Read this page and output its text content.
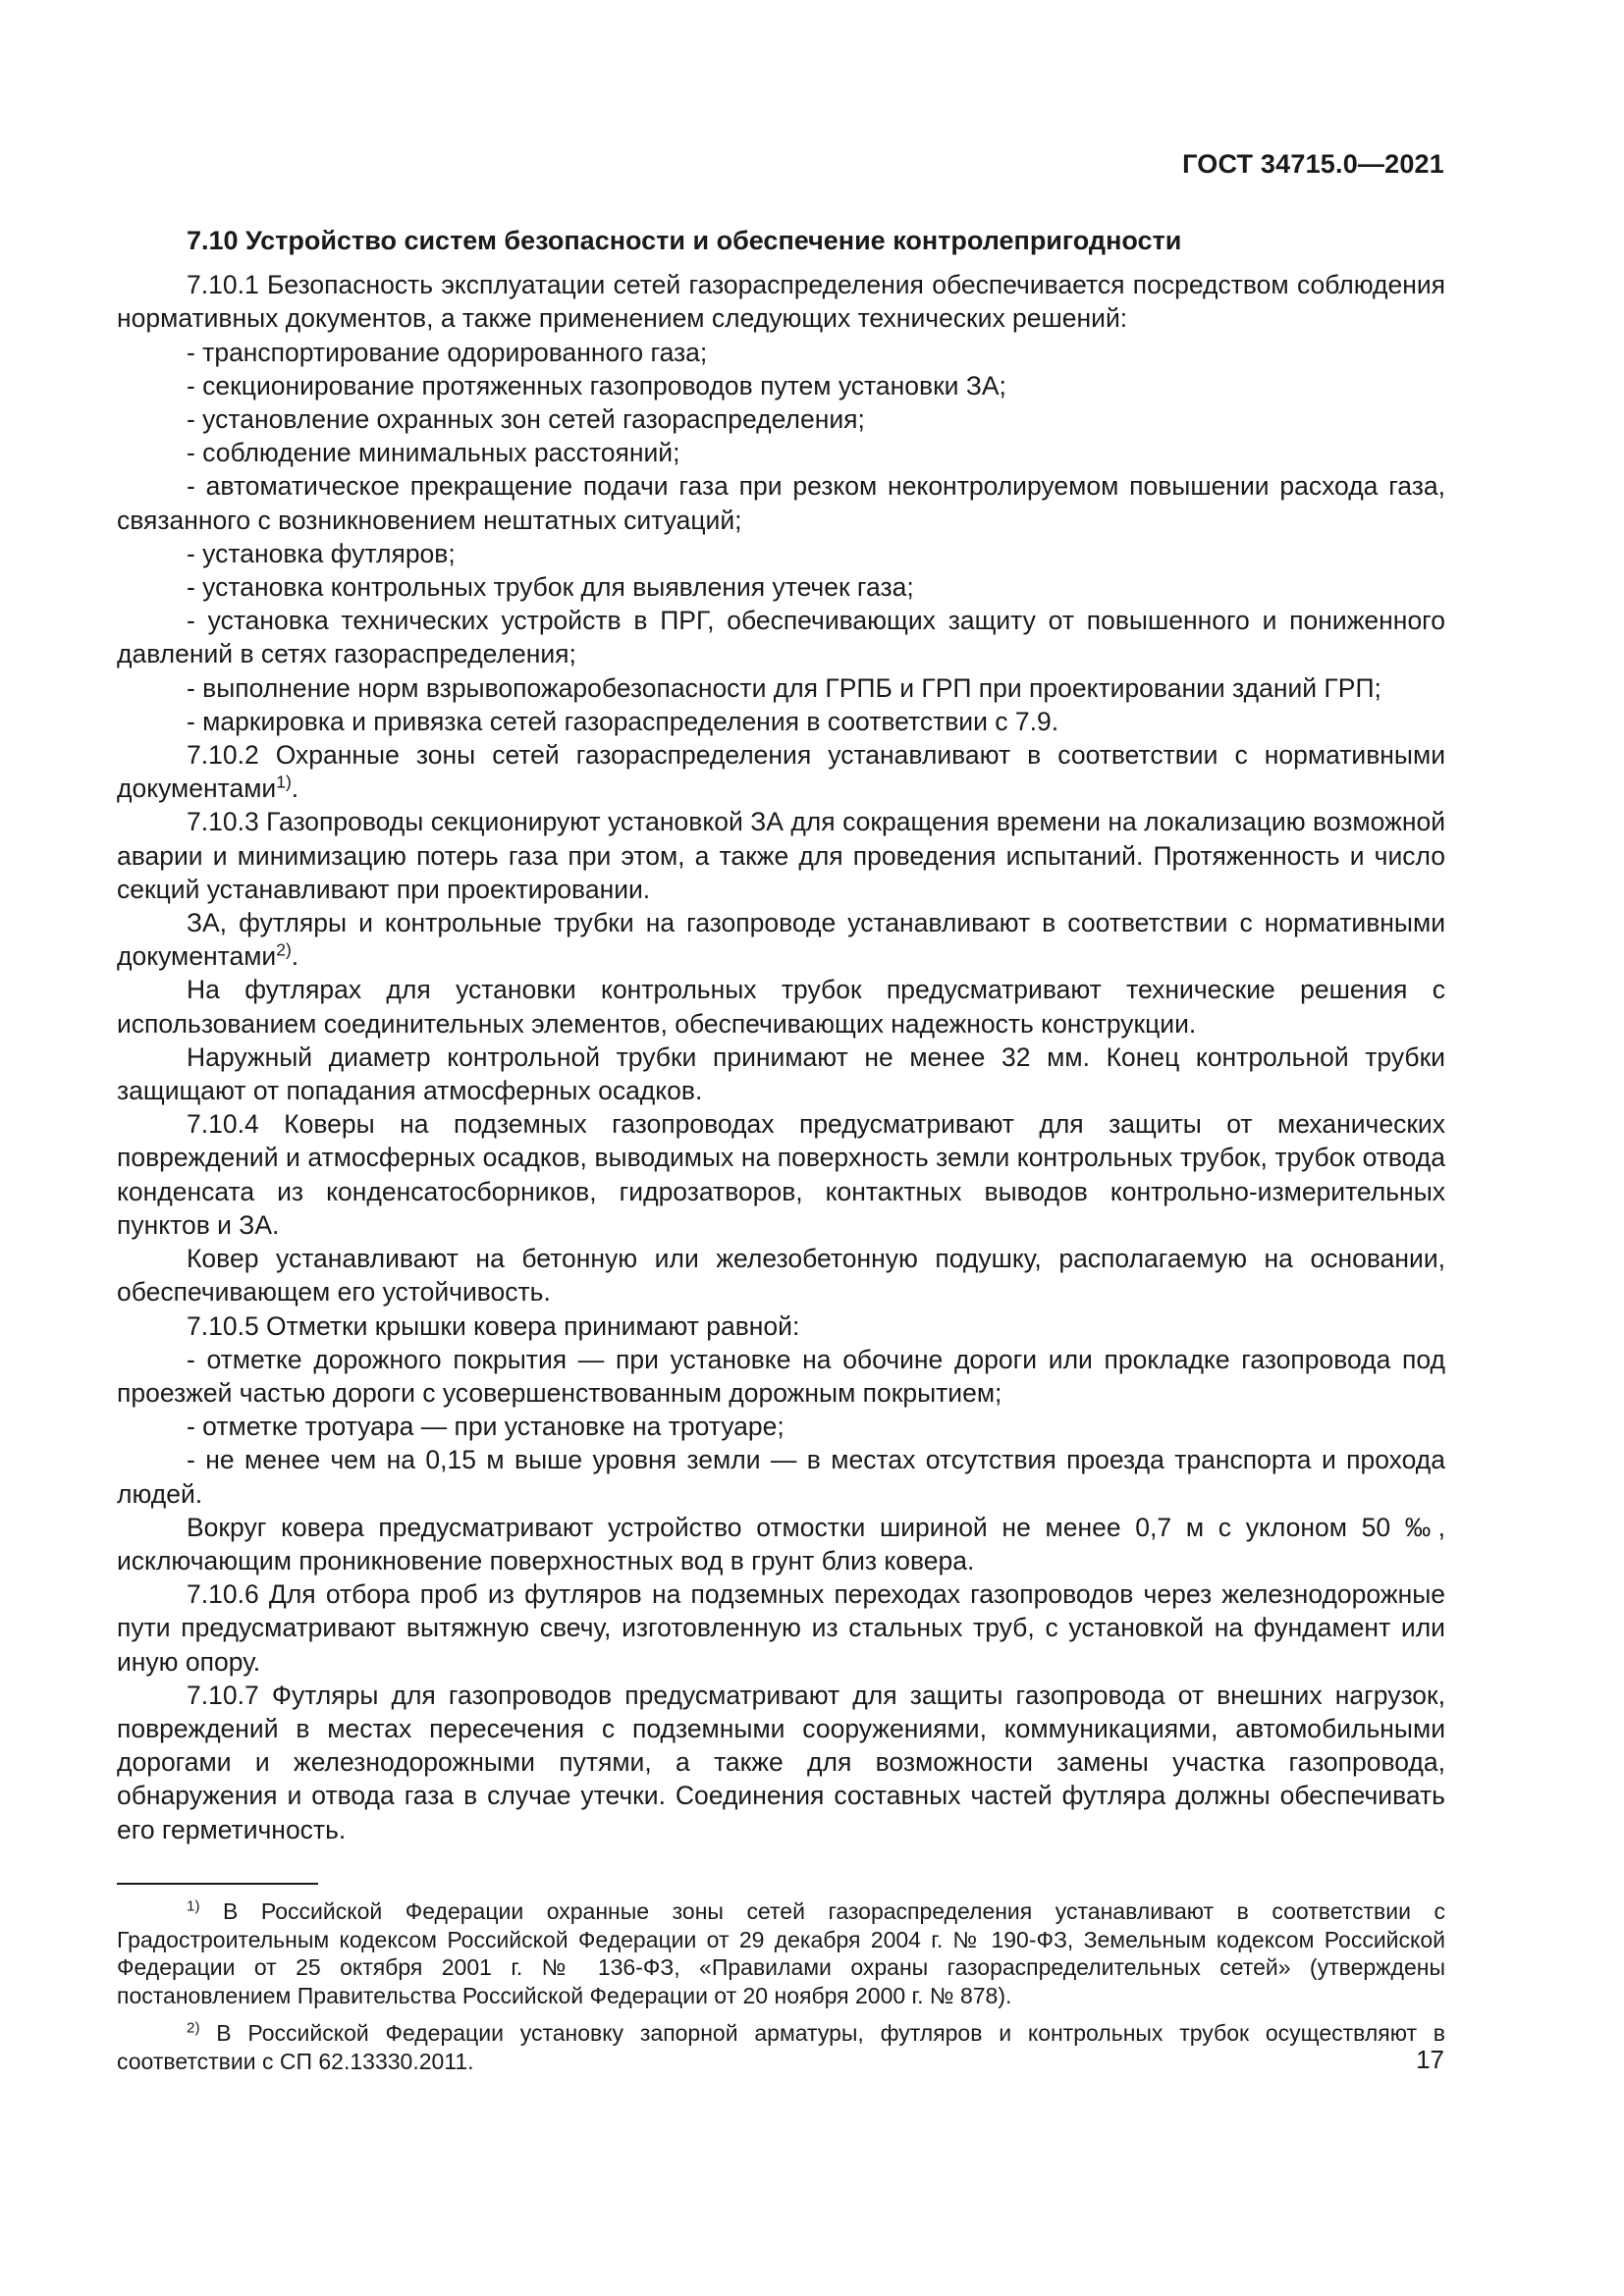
ГОСТ 34715.0—2021
7.10 Устройство систем безопасности и обеспечение контролепригодности

7.10.1 Безопасность эксплуатации сетей газораспределения обеспечивается посредством соблюдения нормативных документов, а также применением следующих технических решений:

- транспортирование одорированного газа;

- секционирование протяженных газопроводов путем установки ЗА;

- установление охранных зон сетей газораспределения;

- соблюдение минимальных расстояний;

- автоматическое прекращение подачи газа при резком неконтролируемом повышении расхода газа, связанного с возникновением нештатных ситуаций;

- установка футляров;

- установка контрольных трубок для выявления утечек газа;

- установка технических устройств в ПРГ, обеспечивающих защиту от повышенного и пониженного давлений в сетях газораспределения;

- выполнение норм взрывопожаробезопасности для ГРПБ и ГРП при проектировании зданий ГРП;

- маркировка и привязка сетей газораспределения в соответствии с 7.9.

7.10.2 Охранные зоны сетей газораспределения устанавливают в соответствии с нормативными документами$^{1)}$.

7.10.3 Газопроводы секционируют установкой ЗА для сокращения времени на локализацию возможной аварии и минимизацию потерь газа при этом, а также для проведения испытаний. Протяженность и число секций устанавливают при проектировании.

ЗА, футляры и контрольные трубки на газопроводе устанавливают в соответствии с нормативными документами$^{2)}$.

На футлярах для установки контрольных трубок предусматривают технические решения с использованием соединительных элементов, обеспечивающих надежность конструкции.

Наружный диаметр контрольной трубки принимают не менее 32 мм. Конец контрольной трубки защищают от попадания атмосферных осадков.

7.10.4 Коверы на подземных газопроводах предусматривают для защиты от механических повреждений и атмосферных осадков, выводимых на поверхность земли контрольных трубок, трубок отвода конденсата из конденсатосборников, гидрозатворов, контактных выводов контрольно-измерительных пунктов и ЗА.

Ковер устанавливают на бетонную или железобетонную подушку, располагаемую на основании, обеспечивающем его устойчивость.

7.10.5 Отметки крышки ковера принимают равной:

- отметке дорожного покрытия — при установке на обочине дороги или прокладке газопровода под проезжей частью дороги с усовершенствованным дорожным покрытием;

- отметке тротуара — при установке на тротуаре;

- не менее чем на 0,15 м выше уровня земли — в местах отсутствия проезда транспорта и прохода людей.

Вокруг ковера предусматривают устройство отмостки шириной не менее 0,7 м с уклоном 50 ‰, исключающим проникновение поверхностных вод в грунт близ ковера.

7.10.6 Для отбора проб из футляров на подземных переходах газопроводов через железнодорожные пути предусматривают вытяжную свечу, изготовленную из стальных труб, с установкой на фундамент или иную опору.

7.10.7 Футляры для газопроводов предусматривают для защиты газопровода от внешних нагрузок, повреждений в местах пересечения с подземными сооружениями, коммуникациями, автомобильными дорогами и железнодорожными путями, а также для возможности замены участка газопровода, обнаружения и отвода газа в случае утечки. Соединения составных частей футляра должны обеспечивать его герметичность.

$^{1)}$ В Российской Федерации охранные зоны сетей газораспределения устанавливают в соответствии с Градостроительным кодексом Российской Федерации от 29 декабря 2004 г. № 190-ФЗ, Земельным кодексом Российской Федерации от 25 октября 2001 г. № 136-ФЗ, «Правилами охраны газораспределительных сетей» (утверждены постановлением Правительства Российской Федерации от 20 ноября 2000 г. № 878).

$^{2)}$ В Российской Федерации установку запорной арматуры, футляров и контрольных трубок осуществляют в соответствии с СП 62.13330.2011.	17
